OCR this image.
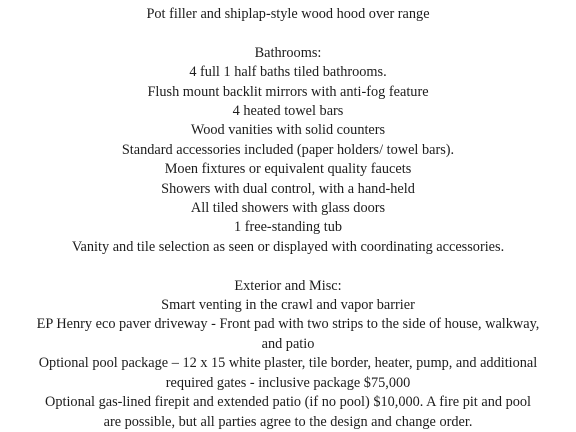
Pot filler and shiplap-style wood hood over range
Bathrooms:
4 full 1 half baths tiled bathrooms.
Flush mount backlit mirrors with anti-fog feature
4 heated towel bars
Wood vanities with solid counters
Standard accessories included (paper holders/ towel bars).
Moen fixtures or equivalent quality faucets
Showers with dual control, with a hand-held
All tiled showers with glass doors
1 free-standing tub
Vanity and tile selection as seen or displayed with coordinating accessories.
Exterior and Misc:
Smart venting in the crawl and vapor barrier
EP Henry eco paver driveway - Front pad with two strips to the side of house, walkway,
and patio
Optional pool package – 12 x 15 white plaster, tile border, heater, pump, and additional
required gates - inclusive package $75,000
Optional gas-lined firepit and extended patio (if no pool) $10,000. A fire pit and pool
are possible, but all parties agree to the design and change order.
